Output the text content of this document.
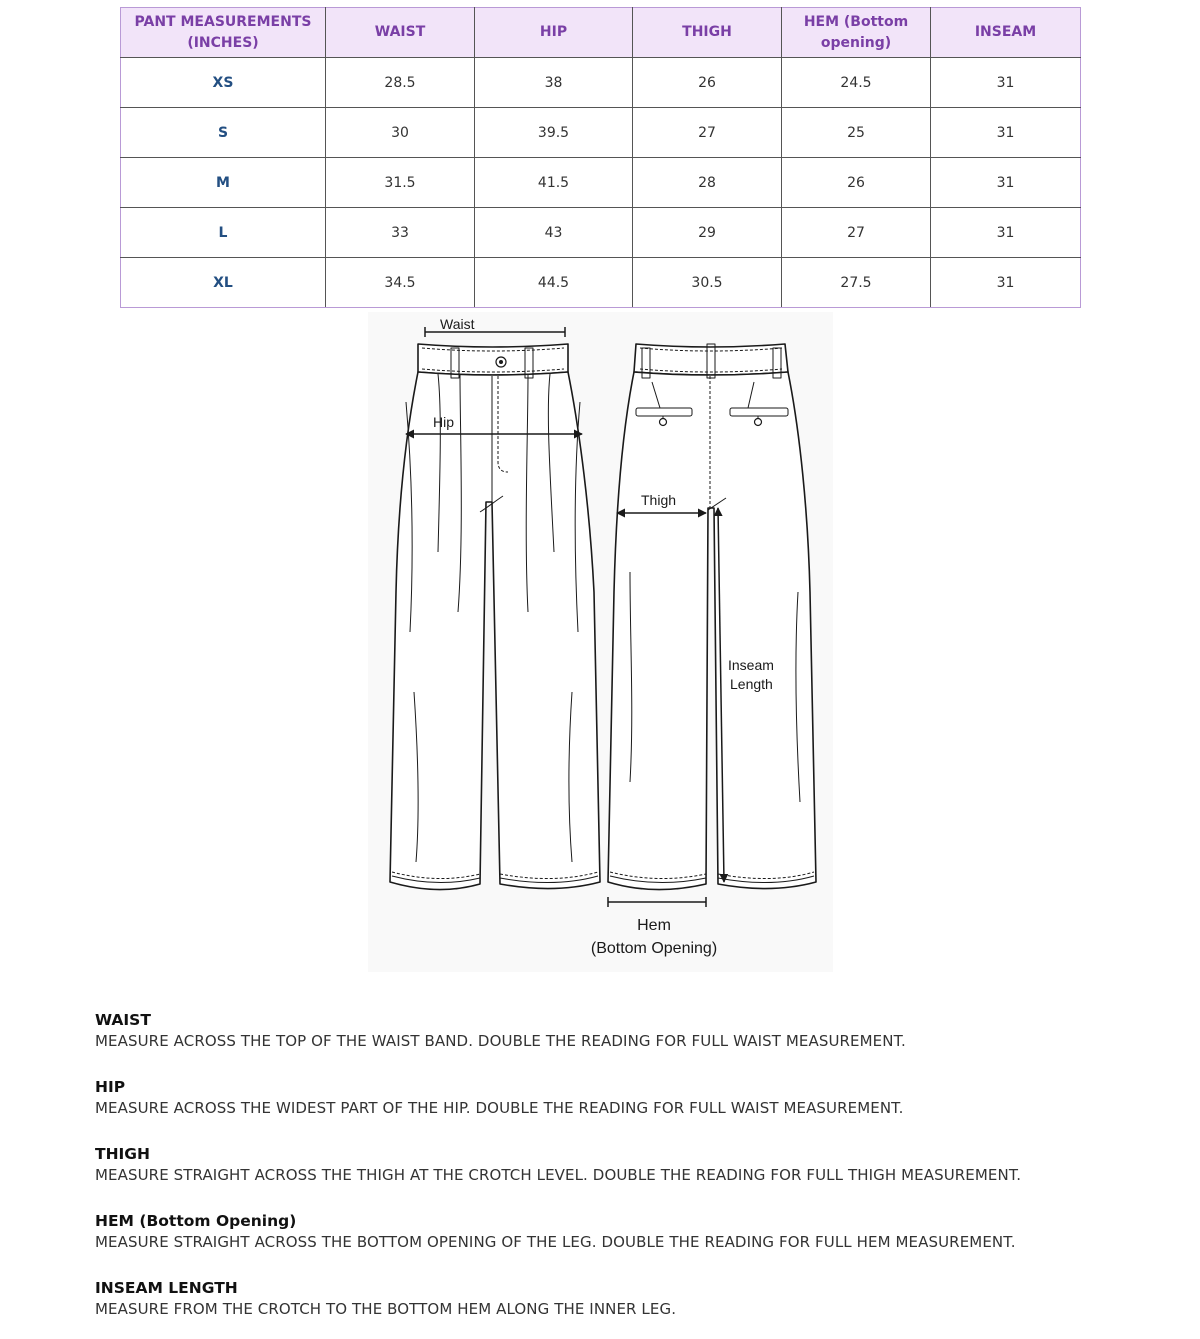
PANT MEASUREMENTS (INCHES)	WAIST	HIP	THIGH	HEM (Bottom opening)	INSEAM
XS	28.5	38	26	24.5	31
S	30	39.5	27	25	31
M	31.5	41.5	28	26	31
L	33	43	29	27	31
XL	34.5	44.5	30.5	27.5	31
Waist
Hip
Thigh
Inseam
Length
Hem
(Bottom Opening)
WAIST
MEASURE ACROSS THE TOP OF THE WAIST BAND. DOUBLE THE READING FOR FULL WAIST MEASUREMENT.
HIP
MEASURE ACROSS THE WIDEST PART OF THE HIP. DOUBLE THE READING FOR FULL WAIST MEASUREMENT.
THIGH
MEASURE STRAIGHT ACROSS THE THIGH AT THE CROTCH LEVEL. DOUBLE THE READING FOR FULL THIGH MEASUREMENT.
HEM (Bottom Opening)
MEASURE STRAIGHT ACROSS THE BOTTOM OPENING OF THE LEG. DOUBLE THE READING FOR FULL HEM MEASUREMENT.
INSEAM LENGTH
MEASURE FROM THE CROTCH TO THE BOTTOM HEM ALONG THE INNER LEG.
